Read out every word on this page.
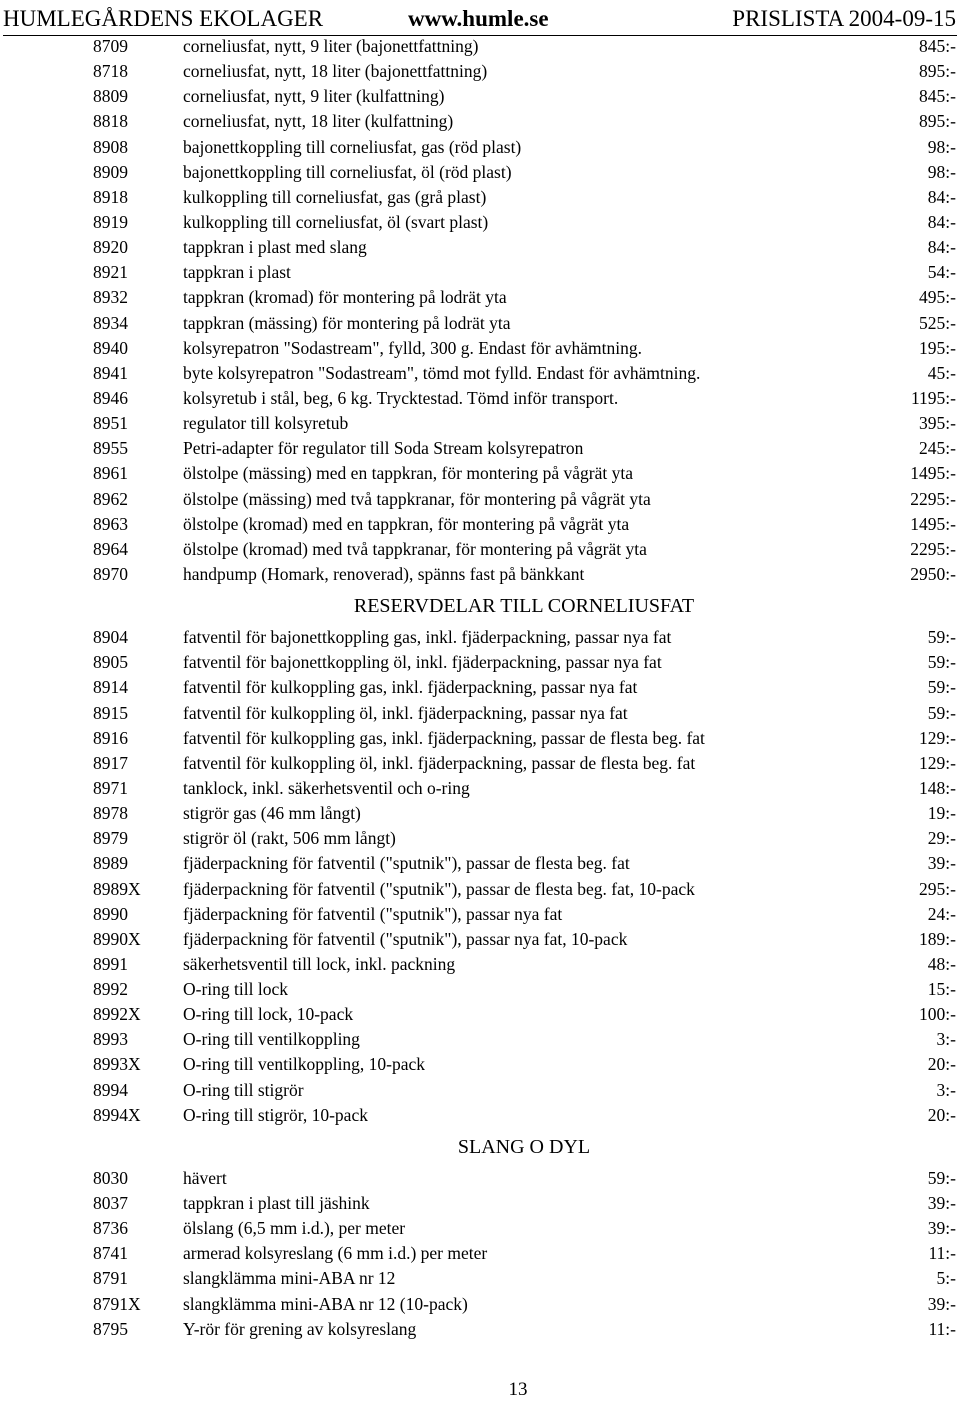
HUMLEGÅRDENS EKOLAGER	www.humle.se	PRISLISTA 2004-09-15
8709	corneliusfat, nytt, 9 liter (bajonettfattning)	845:-
8718	corneliusfat, nytt, 18 liter (bajonettfattning)	895:-
8809	corneliusfat, nytt, 9 liter (kulfattning)	845:-
8818	corneliusfat, nytt, 18 liter (kulfattning)	895:-
8908	bajonettkoppling till corneliusfat, gas (röd plast)	98:-
8909	bajonettkoppling till corneliusfat, öl (röd plast)	98:-
8918	kulkoppling till corneliusfat, gas (grå plast)	84:-
8919	kulkoppling till corneliusfat, öl (svart plast)	84:-
8920	tappkran i plast med slang	84:-
8921	tappkran i plast	54:-
8932	tappkran (kromad) för montering på lodrät yta	495:-
8934	tappkran (mässing) för montering på lodrät yta	525:-
8940	kolsyrepatron "Sodastream", fylld, 300 g. Endast för avhämtning.	195:-
8941	byte kolsyrepatron "Sodastream", tömd mot fylld. Endast för avhämtning.	45:-
8946	kolsyretub i stål, beg, 6 kg. Trycktestad. Tömd inför transport.	1195:-
8951	regulator till kolsyretub	395:-
8955	Petri-adapter för regulator till Soda Stream kolsyrepatron	245:-
8961	ölstolpe (mässing) med en tappkran, för montering på vågrät yta	1495:-
8962	ölstolpe (mässing) med två tappkranar, för montering på vågrät yta	2295:-
8963	ölstolpe (kromad) med en tappkran, för montering på vågrät yta	1495:-
8964	ölstolpe (kromad) med två tappkranar, för montering på vågrät yta	2295:-
8970	handpump (Homark, renoverad), spänns fast på bänkkant	2950:-
RESERVDELAR TILL CORNELIUSFAT
8904	fatventil för bajonettkoppling gas, inkl. fjäderpackning, passar nya fat	59:-
8905	fatventil för bajonettkoppling öl, inkl. fjäderpackning, passar nya fat	59:-
8914	fatventil för kulkoppling gas, inkl. fjäderpackning, passar nya fat	59:-
8915	fatventil för kulkoppling öl, inkl. fjäderpackning, passar nya fat	59:-
8916	fatventil för kulkoppling gas, inkl. fjäderpackning, passar de flesta beg. fat	129:-
8917	fatventil för kulkoppling öl, inkl. fjäderpackning, passar de flesta beg. fat	129:-
8971	tanklock, inkl. säkerhetsventil och o-ring	148:-
8978	stigrör gas (46 mm långt)	19:-
8979	stigrör öl (rakt, 506 mm långt)	29:-
8989	fjäderpackning för fatventil ("sputnik"), passar de flesta beg. fat	39:-
8989X fjäderpackning för fatventil ("sputnik"), passar de flesta beg. fat, 10-pack	295:-
8990	fjäderpackning för fatventil ("sputnik"), passar nya fat	24:-
8990X fjäderpackning för fatventil ("sputnik"), passar nya fat, 10-pack	189:-
8991	säkerhetsventil till lock, inkl. packning	48:-
8992	O-ring till lock	15:-
8992X O-ring till lock, 10-pack	100:-
8993	O-ring till ventilkoppling	3:-
8993X O-ring till ventilkoppling, 10-pack	20:-
8994	O-ring till stigrör	3:-
8994X O-ring till stigrör, 10-pack	20:-
SLANG O DYL
8030	hävert	59:-
8037	tappkran i plast till jäshink	39:-
8736	ölslang (6,5 mm i.d.), per meter	39:-
8741	armerad kolsyreslang (6 mm i.d.) per meter	11:-
8791	slangklämma mini-ABA nr 12	5:-
8791X slangklämma mini-ABA nr 12 (10-pack)	39:-
8795	Y-rör för grening av kolsyreslang	11:-
13
